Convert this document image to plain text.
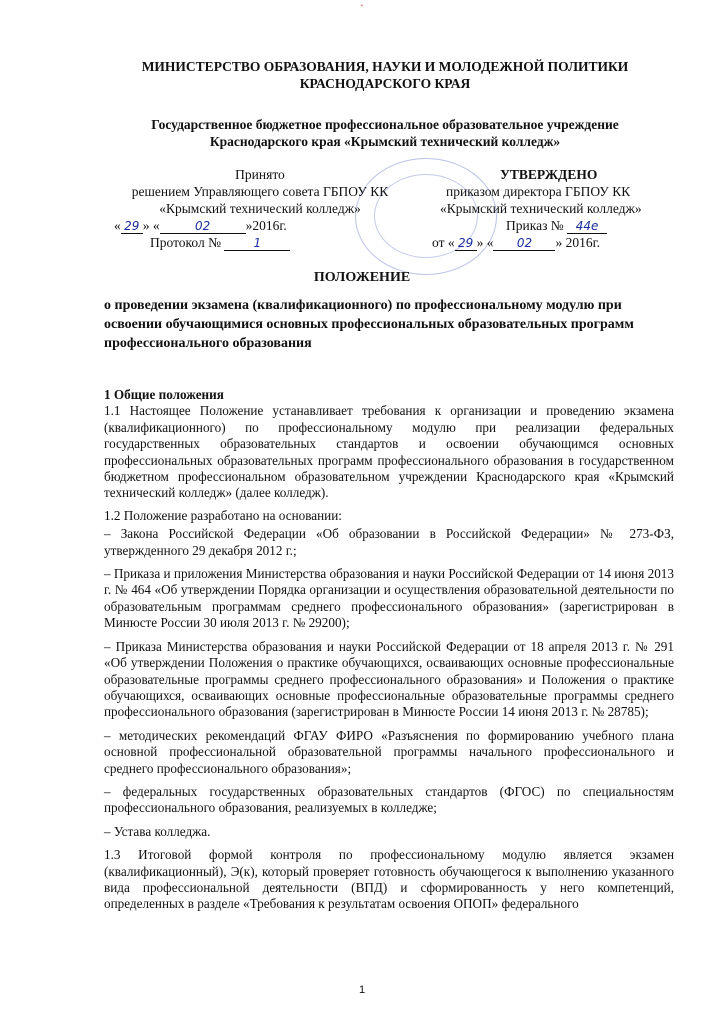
`
МИНИСТЕРСТВО ОБРАЗОВАНИЯ, НАУКИ И МОЛОДЕЖНОЙ ПОЛИТИКИ
КРАСНОДАРСКОГО КРАЯ
Государственное бюджетное профессиональное образовательное учреждение
Краснодарского края «Крымский технический колледж»
Принято
решением Управляющего совета ГБПОУ КК
«Крымский технический колледж»
« 29 » «	02	»2016г.
Протокол №	1
УТВЕРЖДЕНО
приказом директора ГБПОУ КК
«Крымский технический колледж»
Приказ № 44е
от « 29 » « 02 » 2016г.
ПОЛОЖЕНИЕ
о проведении экзамена (квалификационного) по профессиональному модулю при освоении обучающимися основных профессиональных образовательных программ профессионального образования

1 Общие положения

1.1 Настоящее Положение устанавливает требования к организации и проведению экзамена (квалификационного) по профессиональному модулю при реализации федеральных государственных образовательных стандартов и освоении обучающимся основных профессиональных образовательных программ профессионального образования в государственном бюджетном профессиональном образовательном учреждении Краснодарского края «Крымский технический колледж» (далее колледж).

1.2 Положение разработано на основании:

– Закона Российской Федерации «Об образовании в Российской Федерации» № 273-ФЗ, утвержденного 29 декабря 2012 г.;

– Приказа и приложения Министерства образования и науки Российской Федерации от 14 июня 2013 г. № 464 «Об утверждении Порядка организации и осуществления образовательной деятельности по образовательным программам среднего профессионального образования» (зарегистрирован в Минюсте России 30 июля 2013 г. № 29200);

– Приказа Министерства образования и науки Российской Федерации от 18 апреля 2013 г. № 291 «Об утверждении Положения о практике обучающихся, осваивающих основные профессиональные образовательные программы среднего профессионального образования» и Положения о практике обучающихся, осваивающих основные профессиональные образовательные программы среднего профессионального образования (зарегистрирован в Минюсте России 14 июня 2013 г. № 28785);

– методических рекомендаций ФГАУ ФИРО «Разъяснения по формированию учебного плана основной профессиональной образовательной программы начального профессионального и среднего профессионального образования»;

– федеральных государственных образовательных стандартов (ФГОС) по специальностям профессионального образования, реализуемых в колледже;

– Устава колледжа.

1.3 Итоговой формой контроля по профессиональному модулю является экзамен (квалификационный), Э(к), который проверяет готовность обучающегося к выполнению указанного вида профессиональной деятельности (ВПД) и сформированность у него компетенций, определенных в разделе «Требования к результатам освоения ОПОП» федерального

1
